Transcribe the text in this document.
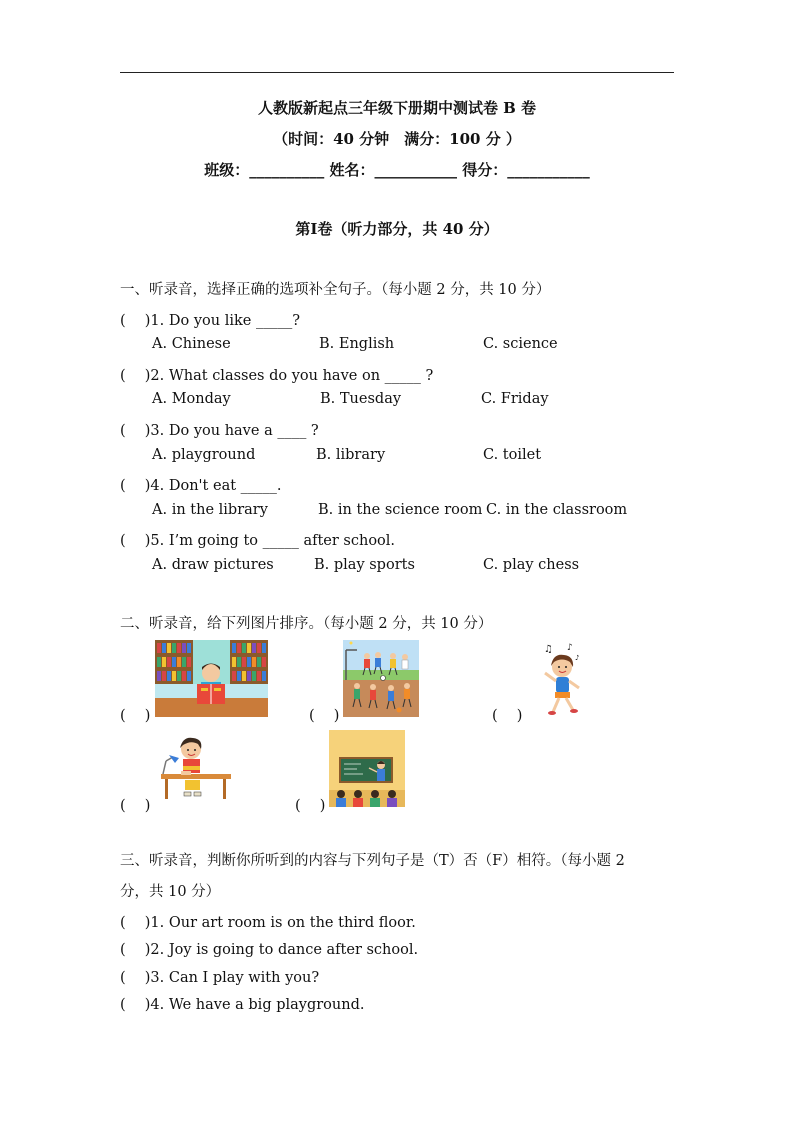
人教版新起点三年级下册期中测试卷 B 卷
（时间：40 分钟　满分：100 分 ）
班级：__________ 姓名：___________ 得分：___________
第I卷（听力部分，共 40 分）
一、听录音，选择正确的选项补全句子。（每小题 2 分，共 10 分）
(　 )1. Do you like _____?
A. Chinese	B. English	C. science
(　 )2. What classes do you have on _____ ?
A. Monday	B. Tuesday	C. Friday
(　 )3. Do you have a ____ ?
A. playground	B. library	C. toilet
(　 )4. Don't eat _____.
A. in the library	B. in the science room C. in the classroom
(　 )5. I’m going to _____ after school.
A. draw pictures	B. play sports	C. play chess
二、听录音，给下列图片排序。（每小题 2 分，共 10 分）
♫ ♪
♪
(　 )	(　 )	(　 )
(　 )	(　 )
三、听录音，判断你所听到的内容与下列句子是（T）否（F）相符。（每小题 2
分，共 10 分）
(　 )1. Our art room is on the third floor.
(　 )2. Joy is going to dance after school.
(　 )3. Can I play with you?
(　 )4. We have a big playground.
